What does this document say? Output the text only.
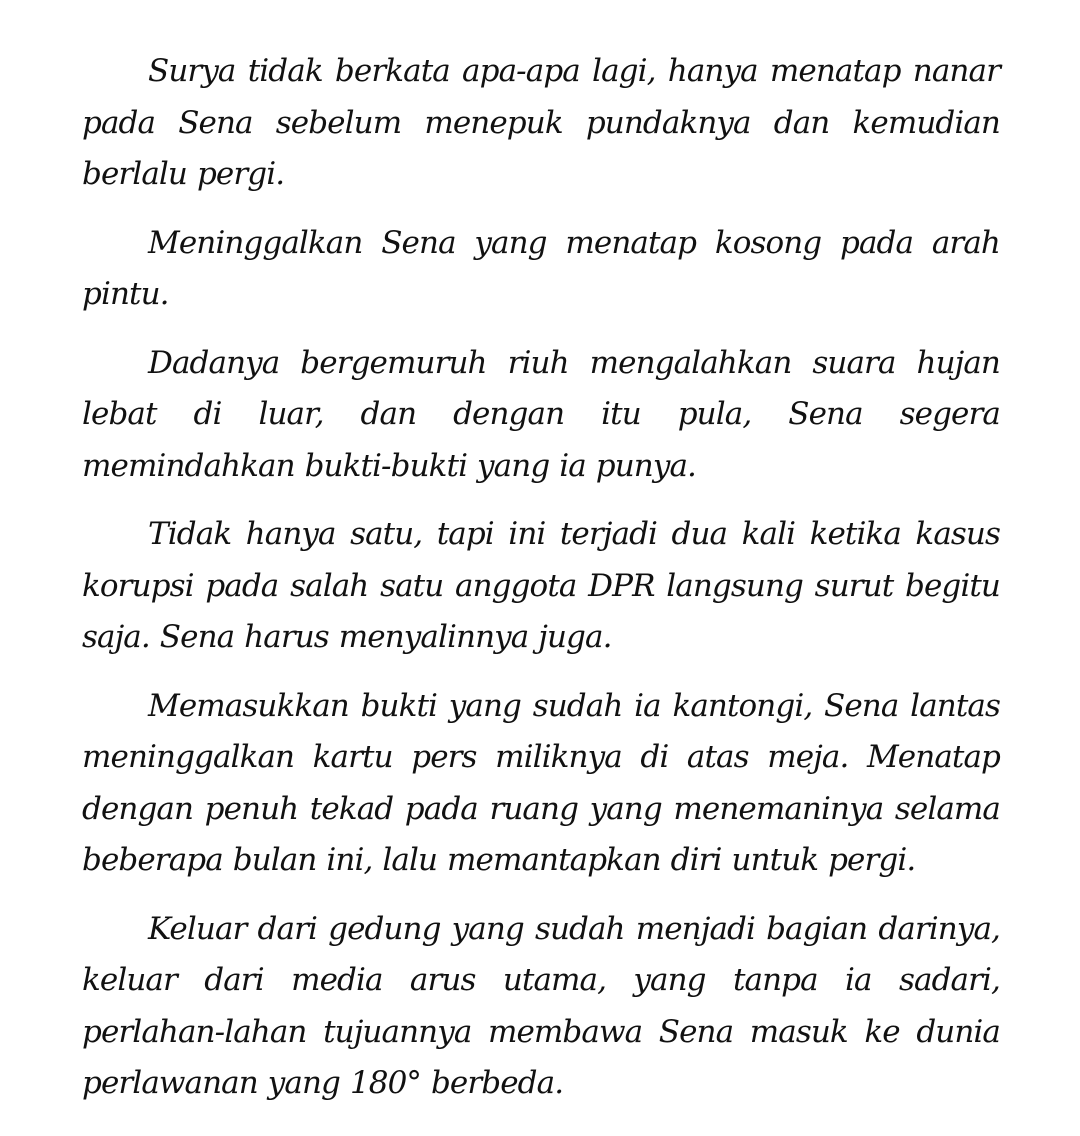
Surya tidak berkata apa-apa lagi, hanya menatap nanar pada Sena sebelum menepuk pundaknya dan kemudian berlalu pergi.

Meninggalkan Sena yang menatap kosong pada arah pintu.

Dadanya bergemuruh riuh mengalahkan suara hujan lebat di luar, dan dengan itu pula, Sena segera memindahkan bukti-bukti yang ia punya.

Tidak hanya satu, tapi ini terjadi dua kali ketika kasus korupsi pada salah satu anggota DPR langsung surut begitu saja. Sena harus menyalinnya juga.

Memasukkan bukti yang sudah ia kantongi, Sena lantas meninggalkan kartu pers miliknya di atas meja. Menatap dengan penuh tekad pada ruang yang menemaninya selama beberapa bulan ini, lalu memantapkan diri untuk pergi.

Keluar dari gedung yang sudah menjadi bagian darinya, keluar dari media arus utama, yang tanpa ia sadari, perlahan-lahan tujuannya membawa Sena masuk ke dunia perlawanan yang 180° berbeda.
